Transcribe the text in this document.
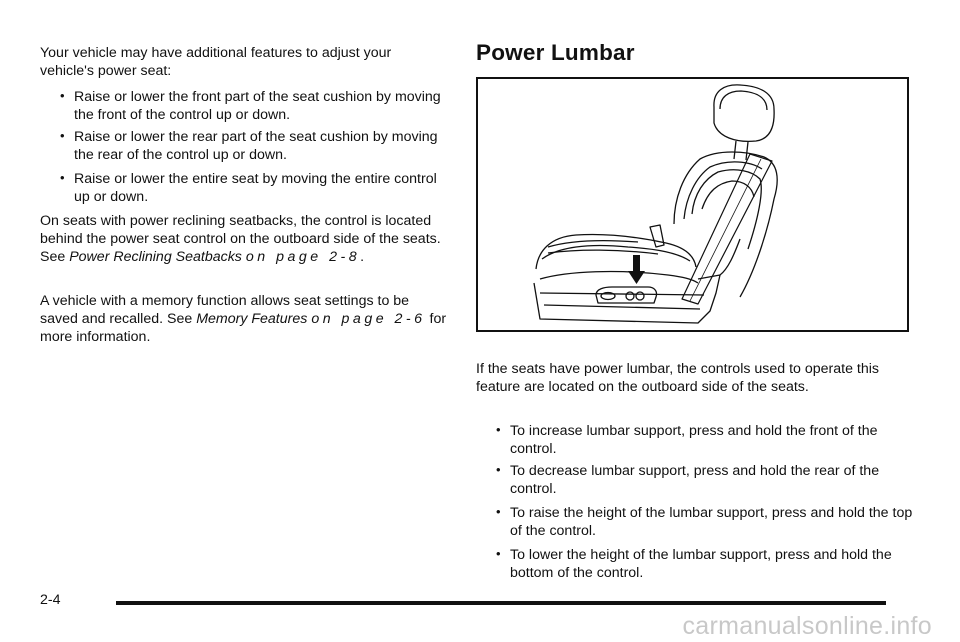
Your vehicle may have additional features to adjust your vehicle's power seat:

• Raise or lower the front part of the seat cushion by moving the front of the control up or down.
• Raise or lower the rear part of the seat cushion by moving the rear of the control up or down.
• Raise or lower the entire seat by moving the entire control up or down.

On seats with power reclining seatbacks, the control is located behind the power seat control on the outboard side of the seats. See Power Reclining Seatbacks on page 2-8.

A vehicle with a memory function allows seat settings to be saved and recalled. See Memory Features on page 2-6 for more information.

Power Lumbar

If the seats have power lumbar, the controls used to operate this feature are located on the outboard side of the seats.

• To increase lumbar support, press and hold the front of the control.
• To decrease lumbar support, press and hold the rear of the control.
• To raise the height of the lumbar support, press and hold the top of the control.
• To lower the height of the lumbar support, press and hold the bottom of the control.
2-4
carmanualsonline.info
